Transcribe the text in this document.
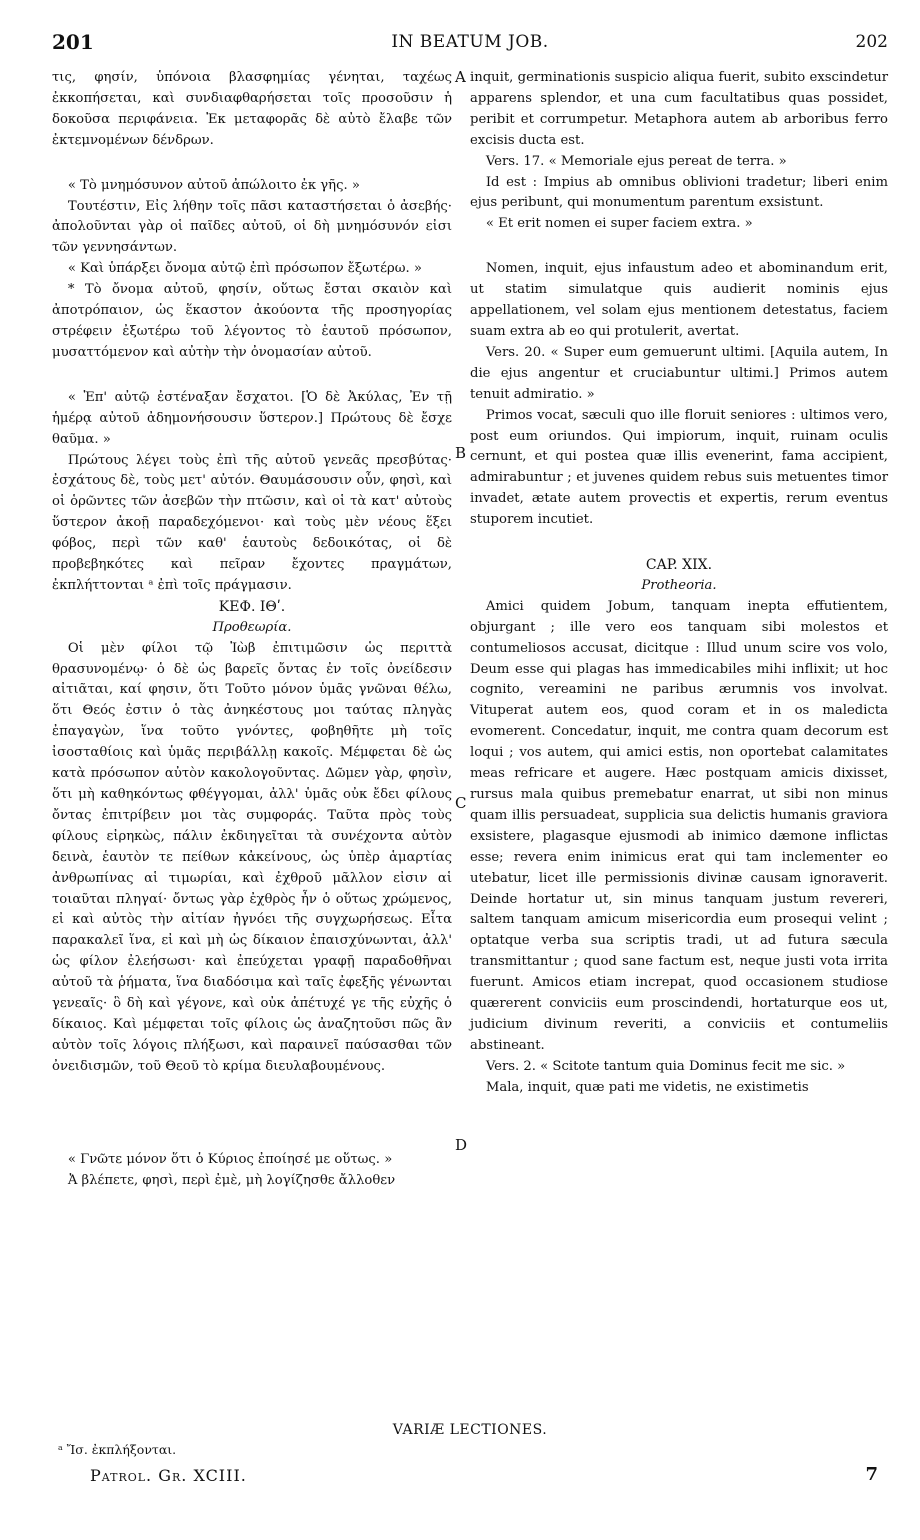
201	IN BEATUM JOB.	202
A
B
C
D

τις, φησίν, ὑπόνοια βλασφημίας γένηται, ταχέως ἐκκοπήσεται, καὶ συνδιαφθαρήσεται τοῖς προσοῦσιν ἡ δοκοῦσα περιφάνεια. Ἐκ μεταφορᾶς δὲ αὐτὸ ἔλαβε τῶν ἐκτεμνομένων δένδρων.

« Τὸ μνημόσυνον αὐτοῦ ἀπώλοιτο ἐκ γῆς. »

Τουτέστιν, Εἰς λήθην τοῖς πᾶσι καταστήσεται ὁ ἀσεβής· ἀπολοῦνται γὰρ οἱ παῖδες αὐτοῦ, οἱ δὴ μνημόσυνόν εἰσι τῶν γεννησάντων.

« Καὶ ὑπάρξει ὄνομα αὐτῷ ἐπὶ πρόσωπον ἔξωτέρω. »

* Τὸ ὄνομα αὐτοῦ, φησίν, οὕτως ἔσται σκαιὸν καὶ ἀποτρόπαιον, ὡς ἕκαστον ἀκούοντα τῆς προσηγορίας στρέφειν ἐξωτέρω τοῦ λέγοντος τὸ ἑαυτοῦ πρόσωπον, μυσαττόμενον καὶ αὐτὴν τὴν ὀνομασίαν αὐτοῦ.

« Ἐπ' αὐτῷ ἐστέναξαν ἔσχατοι. [Ὁ δὲ Ἀκύλας, Ἐν τῇ ἡμέρᾳ αὐτοῦ ἀδημονήσουσιν ὕστερον.] Πρώτους δὲ ἔσχε θαῦμα. »

Πρώτους λέγει τοὺς ἐπὶ τῆς αὐτοῦ γενεᾶς πρεσβύτας· ἐσχάτους δὲ, τοὺς μετ' αὐτόν. Θαυμάσουσιν οὖν, φησὶ, καὶ οἱ ὁρῶντες τῶν ἀσεβῶν τὴν πτῶσιν, καὶ οἱ τὰ κατ' αὐτοὺς ὕστερον ἀκοῇ παραδεχόμενοι· καὶ τοὺς μὲν νέους ἕξει φόβος, περὶ τῶν καθ' ἑαυτοὺς δεδοικότας, οἱ δὲ προβεβηκότες καὶ πεῖραν ἔχοντες πραγμάτων, ἐκπλήττονται ᵃ ἐπὶ τοῖς πράγμασιν.

ΚΕΦ. ΙΘʹ.

Προθεωρία.

Οἱ μὲν φίλοι τῷ Ἰὼβ ἐπιτιμῶσιν ὡς περιττὰ θρασυνομένῳ· ὁ δὲ ὡς βαρεῖς ὄντας ἐν τοῖς ὀνείδεσιν αἰτιᾶται, καί φησιν, ὅτι Τοῦτο μόνον ὑμᾶς γνῶναι θέλω, ὅτι Θεός ἐστιν ὁ τὰς ἀνηκέστους μοι ταύτας πληγὰς ἐπαγαγὼν, ἵνα τοῦτο γνόντες, φοβηθῆτε μὴ τοῖς ἰσοσταθίοις καὶ ὑμᾶς περιβάλλῃ κακοῖς. Μέμφεται δὲ ὡς κατὰ πρόσωπον αὐτὸν κακολογοῦντας. Δῶμεν γὰρ, φησὶν, ὅτι μὴ καθηκόντως φθέγγομαι, ἀλλ' ὑμᾶς οὐκ ἔδει φίλους ὄντας ἐπιτρίβειν μοι τὰς συμφοράς. Ταῦτα πρὸς τοὺς φίλους εἰρηκὼς, πάλιν ἐκδιηγεῖται τὰ συνέχοντα αὐτὸν δεινὰ, ἑαυτὸν τε πείθων κἀκείνους, ὡς ὑπὲρ ἁμαρτίας ἀνθρωπίνας αἱ τιμωρίαι, καὶ ἐχθροῦ μᾶλλον εἰσιν αἱ τοιαῦται πληγαί· ὄντως γὰρ ἐχθρὸς ἦν ὁ οὕτως χρώμενος, εἰ καὶ αὐτὸς τὴν αἰτίαν ἠγνόει τῆς συγχωρήσεως. Εἶτα παρακαλεῖ ἵνα, εἰ καὶ μὴ ὡς δίκαιον ἐπαισχύνωνται, ἀλλ' ὡς φίλον ἐλεήσωσι· καὶ ἐπεύχεται γραφῇ παραδοθῆναι αὐτοῦ τὰ ῥήματα, ἵνα διαδόσιμα καὶ ταῖς ἐφεξῆς γένωνται γενεαῖς· ὃ δὴ καὶ γέγονε, καὶ οὐκ ἀπέτυχέ γε τῆς εὐχῆς ὁ δίκαιος. Καὶ μέμφεται τοῖς φίλοις ὡς ἀναζητοῦσι πῶς ἂν αὐτὸν τοῖς λόγοις πλήξωσι, καὶ παραινεῖ παύσασθαι τῶν ὀνειδισμῶν, τοῦ Θεοῦ τὸ κρίμα διευλαβουμένους.

« Γνῶτε μόνον ὅτι ὁ Κύριος ἐποίησέ με οὕτως. »

Ἀ βλέπετε, φησὶ, περὶ ἐμὲ, μὴ λογίζησθε ἄλλοθεν

inquit, germinationis suspicio aliqua fuerit, subito exscindetur apparens splendor, et una cum facultatibus quas possidet, peribit et corrumpetur. Metaphora autem ab arboribus ferro excisis ducta est.

Vers. 17. « Memoriale ejus pereat de terra. »

Id est : Impius ab omnibus oblivioni tradetur; liberi enim ejus peribunt, qui monumentum parentum exsistunt.

« Et erit nomen ei super faciem extra. »

Nomen, inquit, ejus infaustum adeo et abominandum erit, ut statim simulatque quis audierit nominis ejus appellationem, vel solam ejus mentionem detestatus, faciem suam extra ab eo qui protulerit, avertat.

Vers. 20. « Super eum gemuerunt ultimi. [Aquila autem, In die ejus angentur et cruciabuntur ultimi.] Primos autem tenuit admiratio. »

Primos vocat, sæculi quo ille floruit seniores : ultimos vero, post eum oriundos. Qui impiorum, inquit, ruinam oculis cernunt, et qui postea quæ illis evenerint, fama accipient, admirabuntur ; et juvenes quidem rebus suis metuentes timor invadet, ætate autem provectis et expertis, rerum eventus stuporem incutiet.

CAP. XIX.

Protheoria.

Amici quidem Jobum, tanquam inepta effutientem, objurgant ; ille vero eos tanquam sibi molestos et contumeliosos accusat, dicitque : Illud unum scire vos volo, Deum esse qui plagas has immedicabiles mihi inflixit; ut hoc cognito, vereamini ne paribus ærumnis vos involvat. Vituperat autem eos, quod coram et in os maledicta evomerent. Concedatur, inquit, me contra quam decorum est loqui ; vos autem, qui amici estis, non oportebat calamitates meas refricare et augere. Hæc postquam amicis dixisset, rursus mala quibus premebatur enarrat, ut sibi non minus quam illis persuadeat, supplicia sua delictis humanis graviora exsistere, plagasque ejusmodi ab inimico dæmone inflictas esse; revera enim inimicus erat qui tam inclementer eo utebatur, licet ille permissionis divinæ causam ignoraverit. Deinde hortatur ut, sin minus tanquam justum revereri, saltem tanquam amicum misericordia eum prosequi velint ; optatque verba sua scriptis tradi, ut ad futura sæcula transmittantur ; quod sane factum est, neque justi vota irrita fuerunt. Amicos etiam increpat, quod occasionem studiose quærerent conviciis eum proscindendi, hortaturque eos ut, judicium divinum reveriti, a conviciis et contumeliis abstineant.

Vers. 2. « Scitote tantum quia Dominus fecit me sic. »

Mala, inquit, quæ pati me videtis, ne existimetis

VARIÆ LECTIONES.
ᵃ Ἴσ. ἐκπλήξονται.
Patrol. Gr. XCIII.	7
